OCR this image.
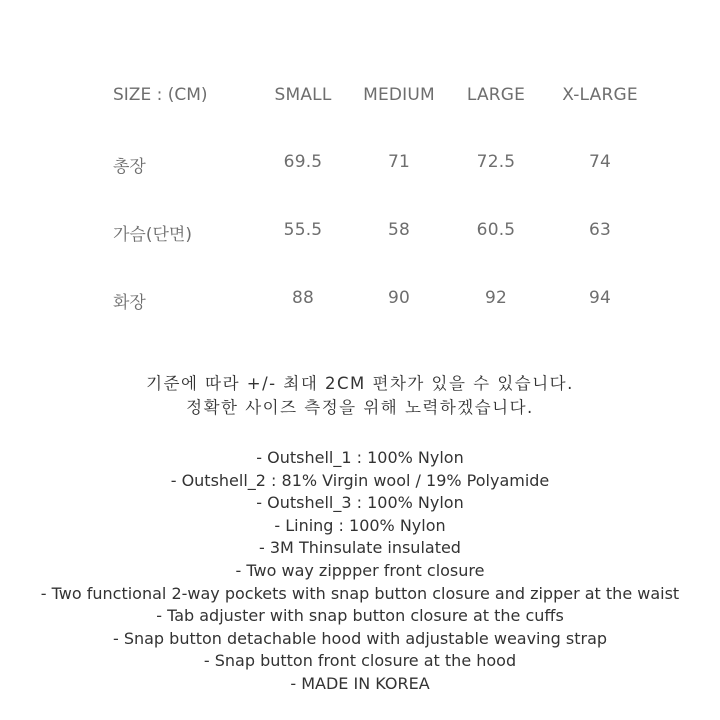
SIZE : (CM)	SMALL MEDIUM LARGE X-LARGE
총장	69.5	71	72.5	74
가슴(단면)	55.5	58	60.5	63
화장	88	90	92	94
기준에 따라 +/- 최대 2CM 편차가 있을 수 있습니다.
정확한 사이즈 측정을 위해 노력하겠습니다.
- Outshell_1 : 100% Nylon
- Outshell_2 : 81% Virgin wool / 19% Polyamide
- Outshell_3 : 100% Nylon
- Lining : 100% Nylon
- 3M Thinsulate insulated
- Two way zippper front closure
- Two functional 2-way pockets with snap button closure and zipper at the waist
- Tab adjuster with snap button closure at the cuffs
- Snap button detachable hood with adjustable weaving strap
- Snap button front closure at the hood
- MADE IN KOREA
